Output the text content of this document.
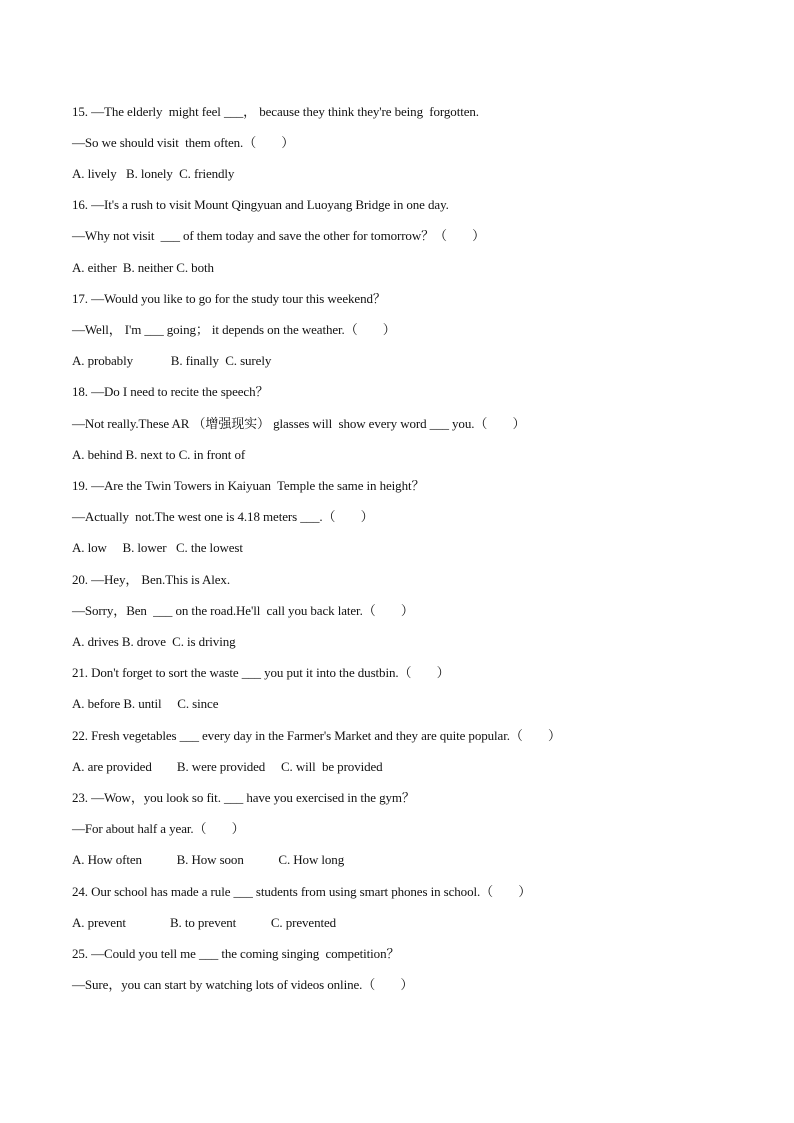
15. —The elderly  might feel ___， because they think they're being  forgotten.
—So we should visit  them often.（        ）
A. lively   B. lonely  C. friendly
16. —It's a rush to visit Mount Qingyuan and Luoyang Bridge in one day.
—Why not visit  ___ of them today and save the other for tomorrow？（        ）
A. either  B. neither C. both
17. —Would you like to go for the study tour this weekend？
—Well， I'm ___ going； it depends on the weather.（        ）
A. probably            B. finally  C. surely
18. —Do I need to recite the speech？
—Not really.These AR （增强现实） glasses will  show every word ___ you.（        ）
A. behind B. next to C. in front of
19. —Are the Twin Towers in Kaiyuan  Temple the same in height？
—Actually  not.The west one is 4.18 meters ___.（        ）
A. low     B. lower   C. the lowest
20. —Hey， Ben.This is Alex.
—Sorry，Ben  ___ on the road.He'll  call you back later.（        ）
A. drives B. drove  C. is driving
21. Don't forget to sort the waste ___ you put it into the dustbin.（        ）
A. before B. until     C. since
22. Fresh vegetables ___ every day in the Farmer's Market and they are quite popular.（        ）
A. are provided        B. were provided     C. will  be provided
23. —Wow，you look so fit. ___ have you exercised in the gym？
—For about half a year.（        ）
A. How often           B. How soon           C. How long
24. Our school has made a rule ___ students from using smart phones in school.（        ）
A. prevent              B. to prevent           C. prevented
25. —Could you tell me ___ the coming singing  competition？
—Sure，you can start by watching lots of videos online.（        ）
